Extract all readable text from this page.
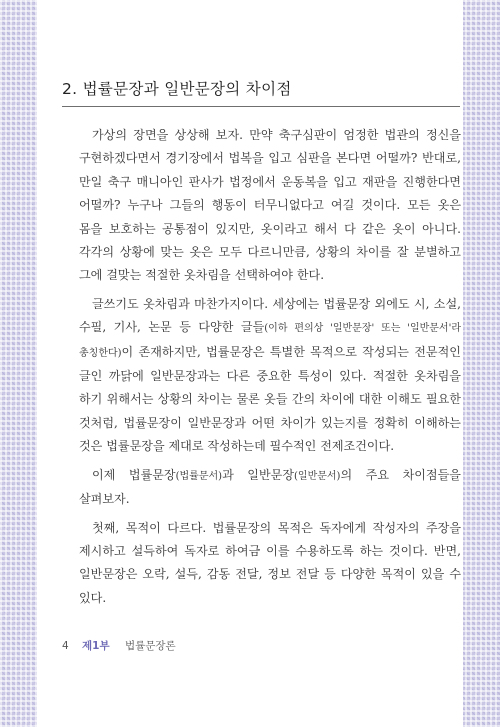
2. 법률문장과 일반문장의 차이점

가상의 장면을 상상해 보자. 만약 축구심판이 엄정한 법관의 정신을 구현하겠다면서 경기장에서 법복을 입고 심판을 본다면 어떨까? 반대로, 만일 축구 매니아인 판사가 법정에서 운동복을 입고 재판을 진행한다면 어떨까? 누구나 그들의 행동이 터무니없다고 여길 것이다. 모든 옷은 몸을 보호하는 공통점이 있지만, 옷이라고 해서 다 같은 옷이 아니다. 각각의 상황에 맞는 옷은 모두 다르니만큼, 상황의 차이를 잘 분별하고 그에 걸맞는 적절한 옷차림을 선택하여야 한다.

글쓰기도 옷차림과 마찬가지이다. 세상에는 법률문장 외에도 시, 소설, 수필, 기사, 논문 등 다양한 글들(이하 편의상 '일반문장' 또는 '일반문서'라 총칭한다)이 존재하지만, 법률문장은 특별한 목적으로 작성되는 전문적인 글인 까닭에 일반문장과는 다른 중요한 특성이 있다. 적절한 옷차림을 하기 위해서는 상황의 차이는 물론 옷들 간의 차이에 대한 이해도 필요한 것처럼, 법률문장이 일반문장과 어떤 차이가 있는지를 정확히 이해하는 것은 법률문장을 제대로 작성하는데 필수적인 전제조건이다.

이제 법률문장(법률문서)과 일반문장(일반문서)의 주요 차이점들을 살펴보자.

첫째, 목적이 다르다. 법률문장의 목적은 독자에게 작성자의 주장을 제시하고 설득하여 독자로 하여금 이를 수용하도록 하는 것이다. 반면, 일반문장은 오락, 설득, 감동 전달, 정보 전달 등 다양한 목적이 있을 수 있다.

4 제1부 법률문장론
